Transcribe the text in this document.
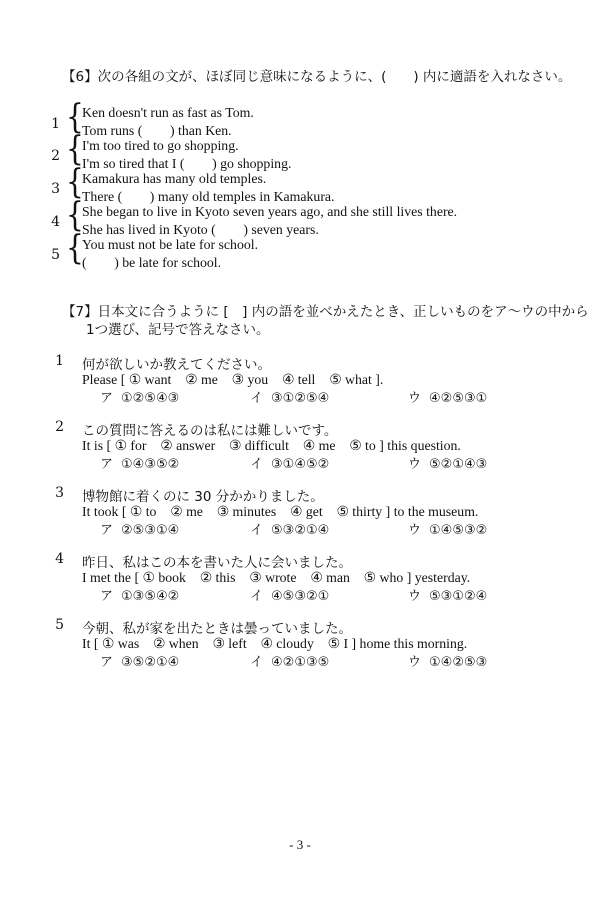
【6】次の各組の文が、ほぼ同じ意味になるように、(　　) 内に適語を入れなさい。
1 {
Ken doesn't run as fast as Tom.
Tom runs (　　) than Ken.
2 {
I'm too tired to go shopping.
I'm so tired that I (　　) go shopping.
3 {
Kamakura has many old temples.
There (　　) many old temples in Kamakura.
4 {
She began to live in Kyoto seven years ago, and she still lives there.
She has lived in Kyoto (　　) seven years.
5 {
You must not be late for school.
(　　) be late for school.
【7】日本文に合うように [　] 内の語を並べかえたとき、正しいものをア～ウの中から
1つ選び、記号で答えなさい。
1 何が欲しいか教えてください。
Please [ ① want　② me　③ you　④ tell　⑤ what ].
ア ①②⑤④③	イ ③①②⑤④	ウ ④②⑤③①
2 この質問に答えるのは私には難しいです。
It is [ ① for　② answer　③ difficult　④ me　⑤ to ] this question.
ア ①④③⑤②	イ ③①④⑤②	ウ ⑤②①④③
3 博物館に着くのに 30 分かかりました。
It took [ ① to　② me　③ minutes　④ get　⑤ thirty ] to the museum.
ア ②⑤③①④	イ ⑤③②①④	ウ ①④⑤③②
4 昨日、私はこの本を書いた人に会いました。
I met the [ ① book　② this　③ wrote　④ man　⑤ who ] yesterday.
ア ①③⑤④②	イ ④⑤③②①	ウ ⑤③①②④
5 今朝、私が家を出たときは曇っていました。
It [ ① was　② when　③ left　④ cloudy　⑤ I ] home this morning.
ア ③⑤②①④	イ ④②①③⑤	ウ ①④②⑤③
- 3 -
